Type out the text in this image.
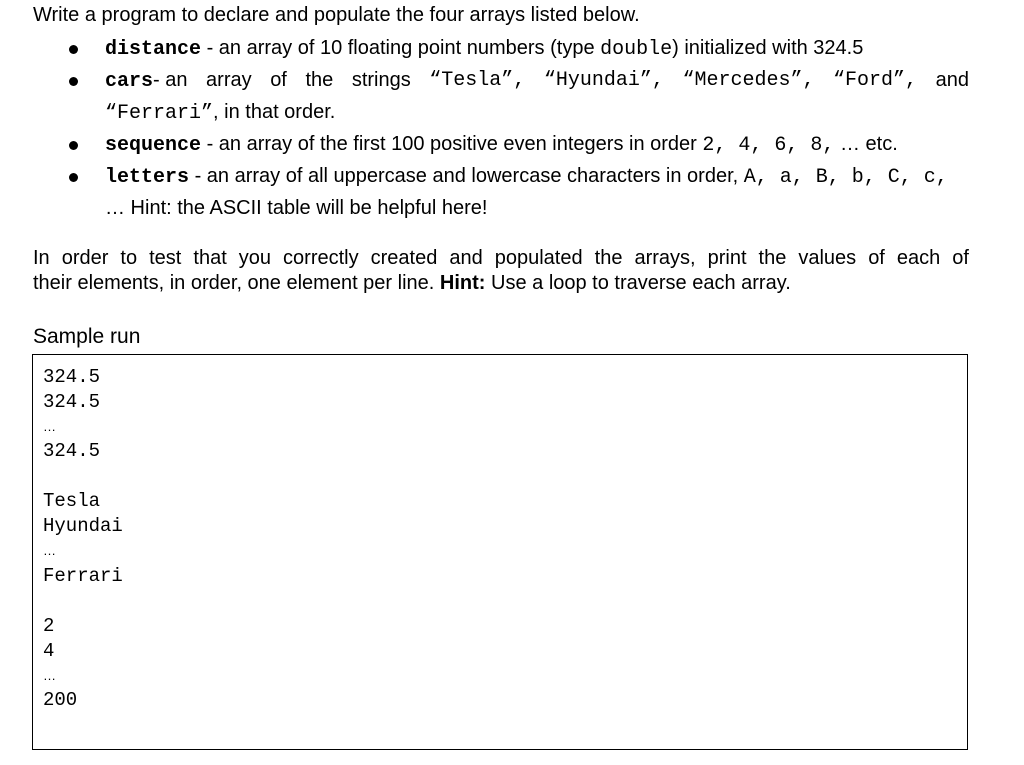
Write a program to declare and populate the four arrays listed below.

distance - an array of 10 floating point numbers (type double) initialized with 324.5
cars- an array of the strings “Tesla”, “Hyundai”, “Mercedes”, “Ford”, and
“Ferrari”, in that order.
sequence - an array of the first 100 positive even integers in order 2, 4, 6, 8, … etc.
letters - an array of all uppercase and lowercase characters in order, A, a, B, b, C, c,
… Hint: the ASCII table will be helpful here!
In order to test that you correctly created and populated the arrays, print the values of each of
their elements, in order, one element per line. Hint: Use a loop to traverse each array.

Sample run

324.5
324.5
…
324.5
Tesla
Hyundai
…
Ferrari
2
4
…
200
